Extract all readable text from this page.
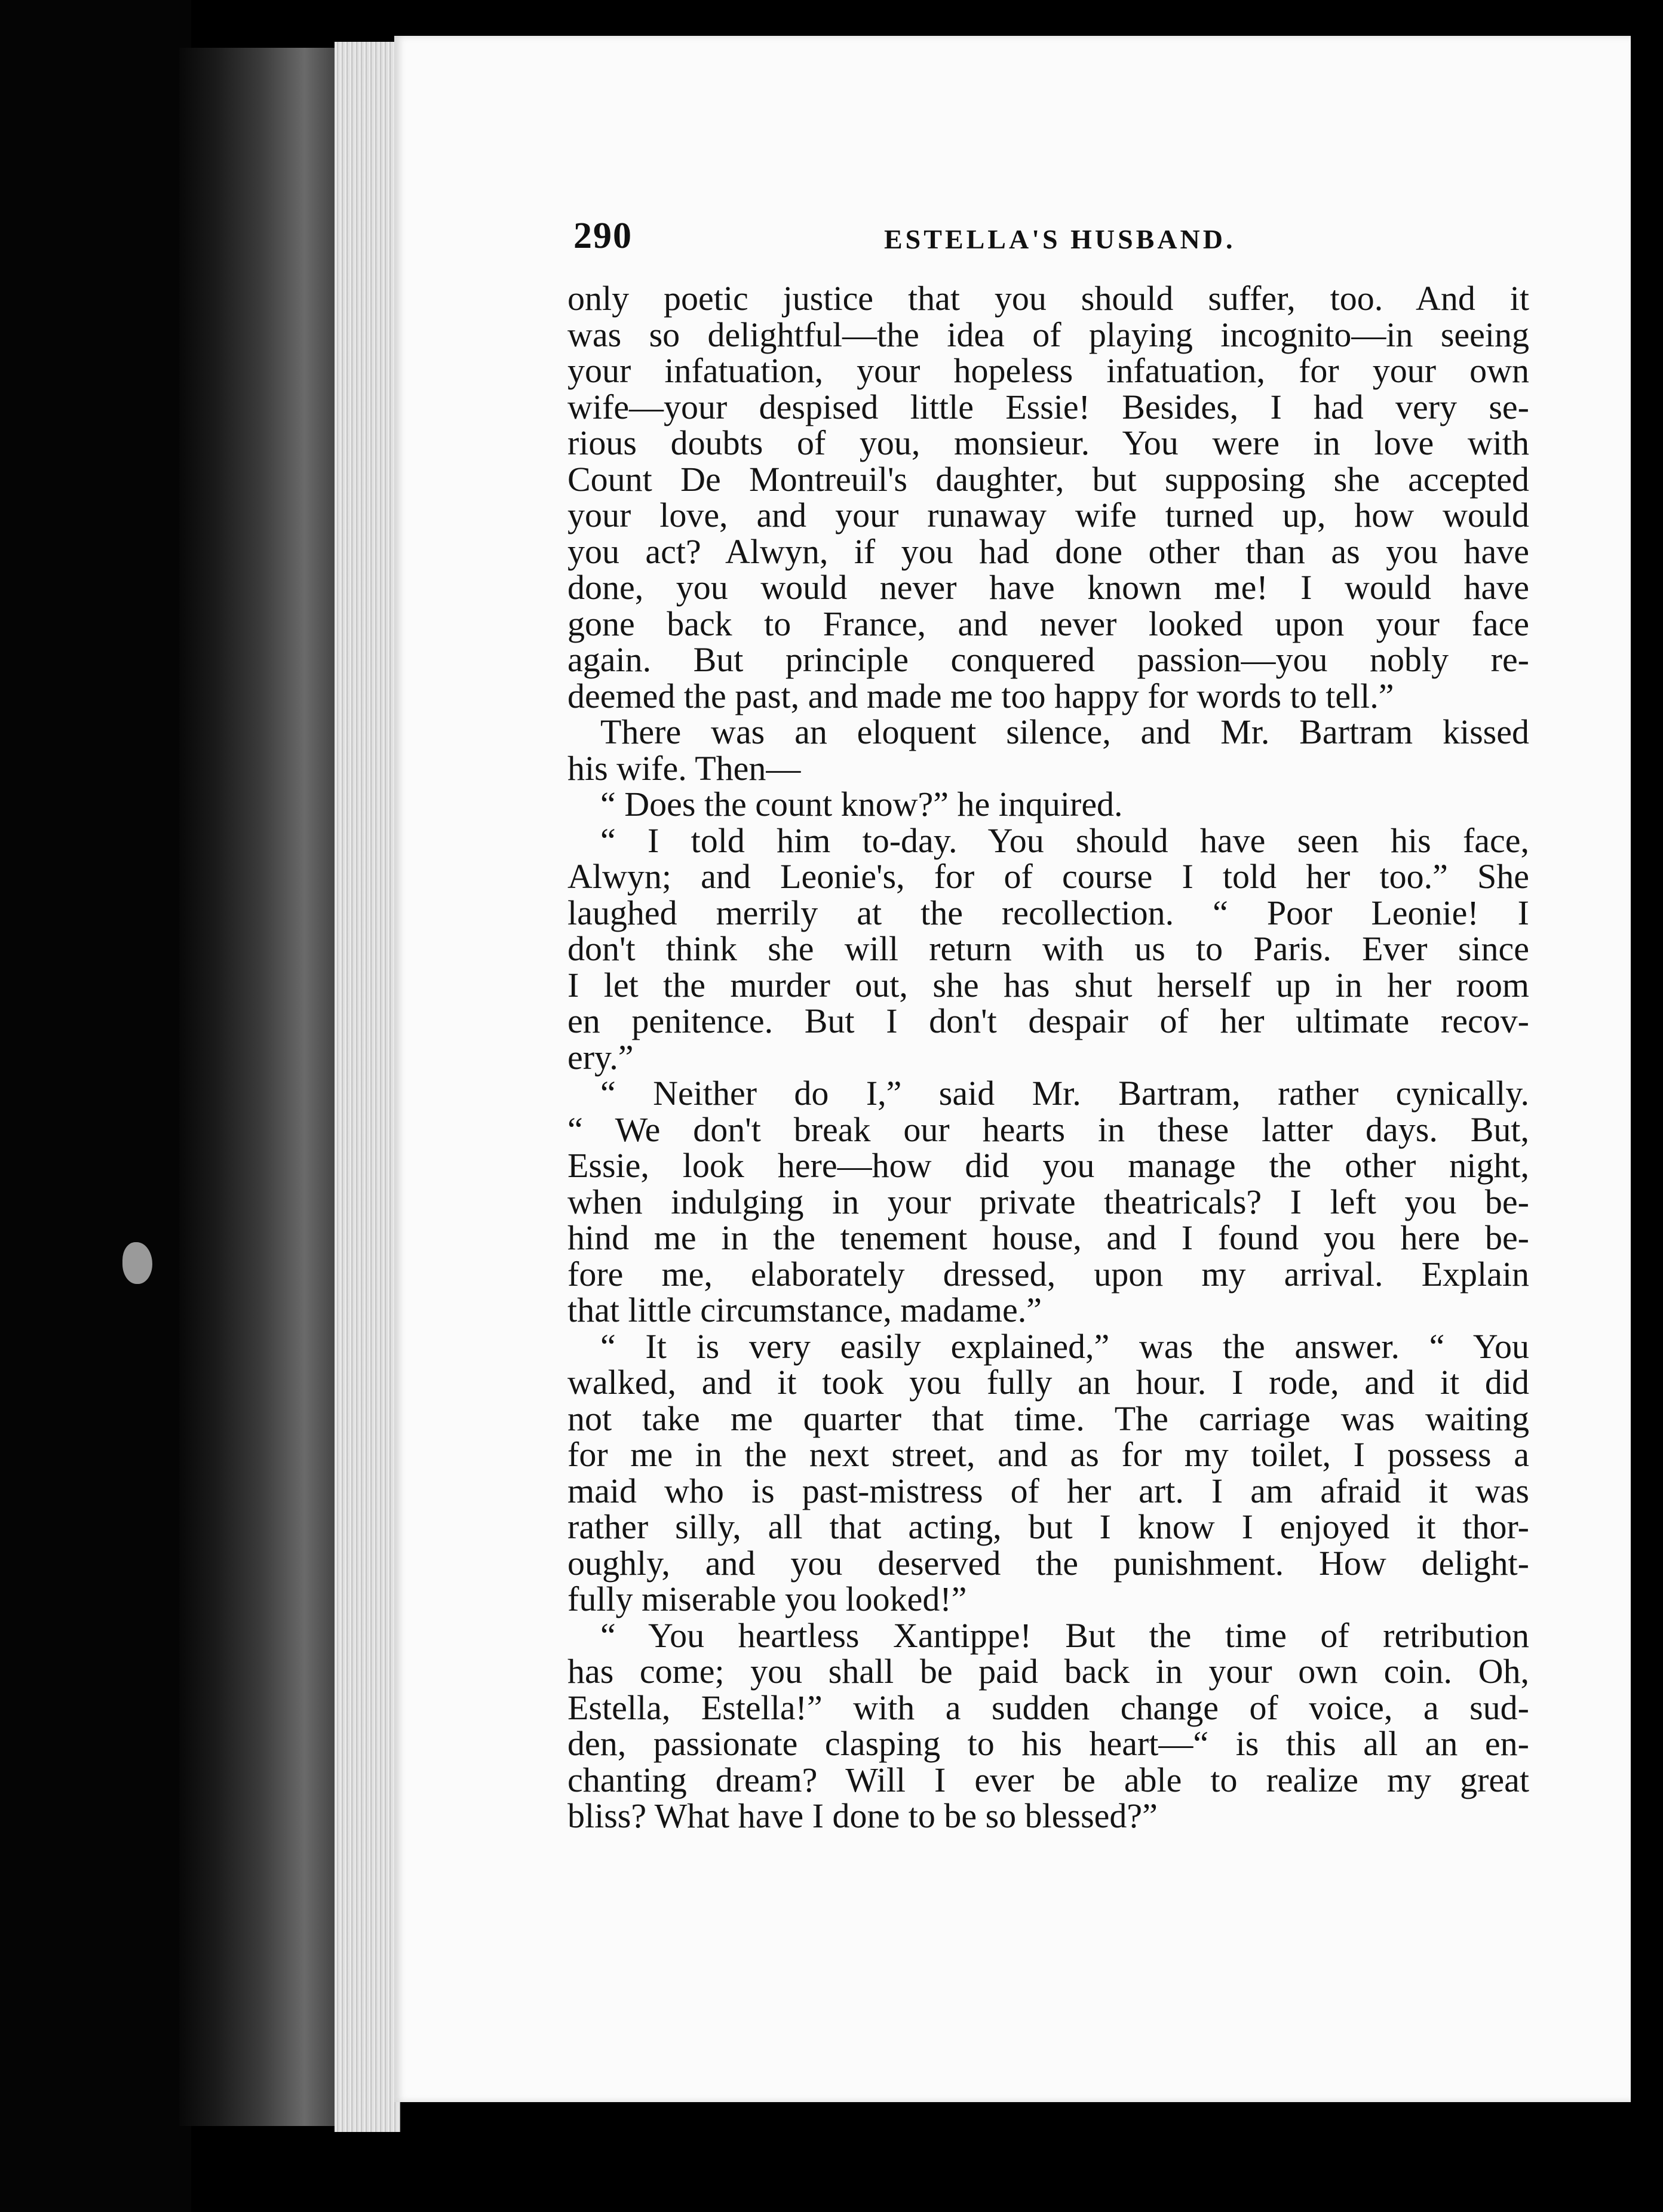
290	ESTELLA'S HUSBAND.
only poetic justice that you should suffer, too. And it
was so delightful—the idea of playing incognito—in seeing
your infatuation, your hopeless infatuation, for your own
wife—your despised little Essie! Besides, I had very se-
rious doubts of you, monsieur. You were in love with
Count De Montreuil's daughter, but supposing she accepted
your love, and your runaway wife turned up, how would
you act? Alwyn, if you had done other than as you have
done, you would never have known me! I would have
gone back to France, and never looked upon your face
again. But principle conquered passion—you nobly re-
deemed the past, and made me too happy for words to tell.”
There was an eloquent silence, and Mr. Bartram kissed
his wife. Then—
“ Does the count know?” he inquired.
“ I told him to-day. You should have seen his face,
Alwyn; and Leonie's, for of course I told her too.” She
laughed merrily at the recollection. “ Poor Leonie! I
don't think she will return with us to Paris. Ever since
I let the murder out, she has shut herself up in her room
en penitence. But I don't despair of her ultimate recov-
ery.”
“ Neither do I,” said Mr. Bartram, rather cynically.
“ We don't break our hearts in these latter days. But,
Essie, look here—how did you manage the other night,
when indulging in your private theatricals? I left you be-
hind me in the tenement house, and I found you here be-
fore me, elaborately dressed, upon my arrival. Explain
that little circumstance, madame.”
“ It is very easily explained,” was the answer. “ You
walked, and it took you fully an hour. I rode, and it did
not take me quarter that time. The carriage was waiting
for me in the next street, and as for my toilet, I possess a
maid who is past-mistress of her art. I am afraid it was
rather silly, all that acting, but I know I enjoyed it thor-
oughly, and you deserved the punishment. How delight-
fully miserable you looked!”
“ You heartless Xantippe! But the time of retribution
has come; you shall be paid back in your own coin. Oh,
Estella, Estella!” with a sudden change of voice, a sud-
den, passionate clasping to his heart—“ is this all an en-
chanting dream? Will I ever be able to realize my great
bliss? What have I done to be so blessed?”
